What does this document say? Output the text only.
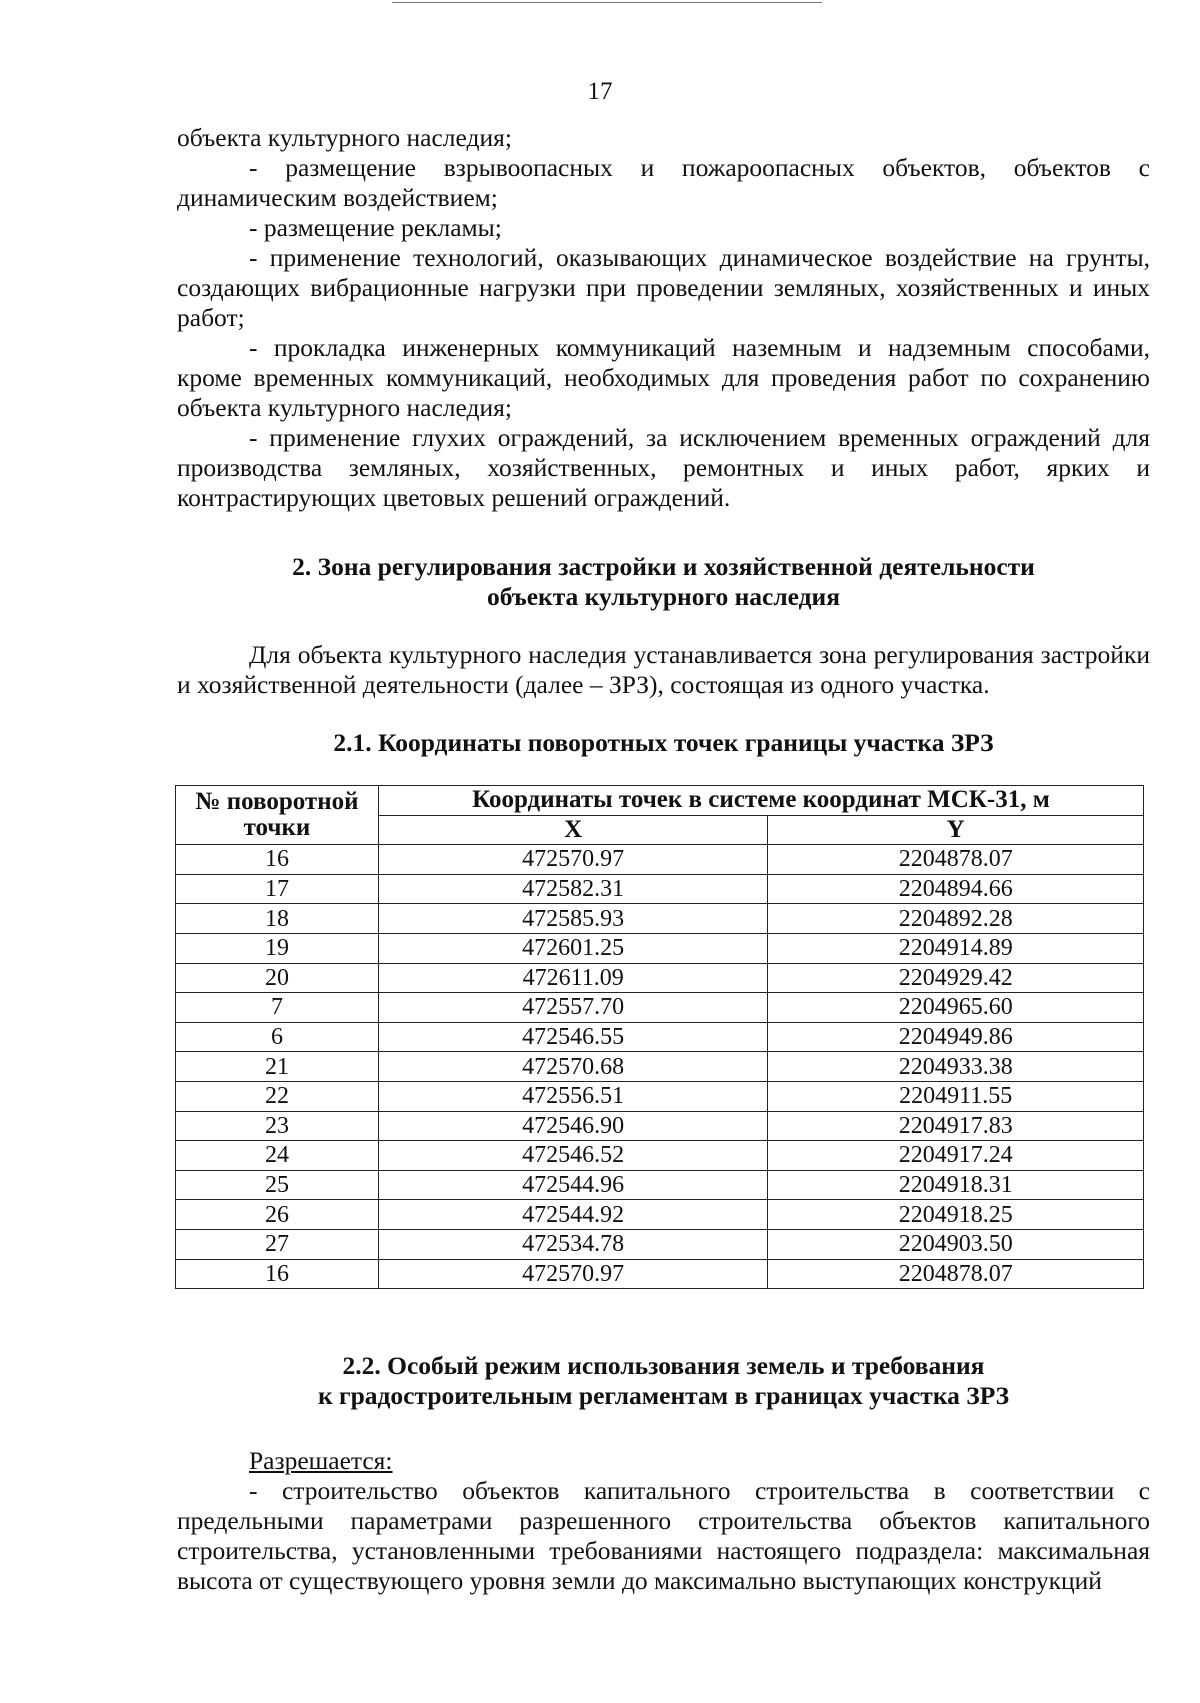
17

объекта культурного наследия;

- размещение взрывоопасных и пожароопасных объектов, объектов с динамическим воздействием;

- размещение рекламы;

- применение технологий, оказывающих динамическое воздействие на грунты, создающих вибрационные нагрузки при проведении земляных, хозяйственных и иных работ;

- прокладка инженерных коммуникаций наземным и надземным способами, кроме временных коммуникаций, необходимых для проведения работ по сохранению объекта культурного наследия;

- применение глухих ограждений, за исключением временных ограждений для производства земляных, хозяйственных, ремонтных и иных работ, ярких и контрастирующих цветовых решений ограждений.

2. Зона регулирования застройки и хозяйственной деятельности
объекта культурного наследия

Для объекта культурного наследия устанавливается зона регулирования застройки и хозяйственной деятельности (далее – ЗРЗ), состоящая из одного участка.

2.1. Координаты поворотных точек границы участка ЗРЗ
№ поворотной
точки	Координаты точек в системе координат МСК-31, м	
	X	Y
16	472570.97	2204878.07
17	472582.31	2204894.66
18	472585.93	2204892.28
19	472601.25	2204914.89
20	472611.09	2204929.42
7	472557.70	2204965.60
6	472546.55	2204949.86
21	472570.68	2204933.38
22	472556.51	2204911.55
23	472546.90	2204917.83
24	472546.52	2204917.24
25	472544.96	2204918.31
26	472544.92	2204918.25
27	472534.78	2204903.50
16	472570.97	2204878.07
2.2. Особый режим использования земель и требования
к градостроительным регламентам в границах участка ЗРЗ

Разрешается:

- строительство объектов капитального строительства в соответствии с предельными параметрами разрешенного строительства объектов капитального строительства, установленными требованиями настоящего подраздела: максимальная высота от существующего уровня земли до максимально выступающих конструкций
